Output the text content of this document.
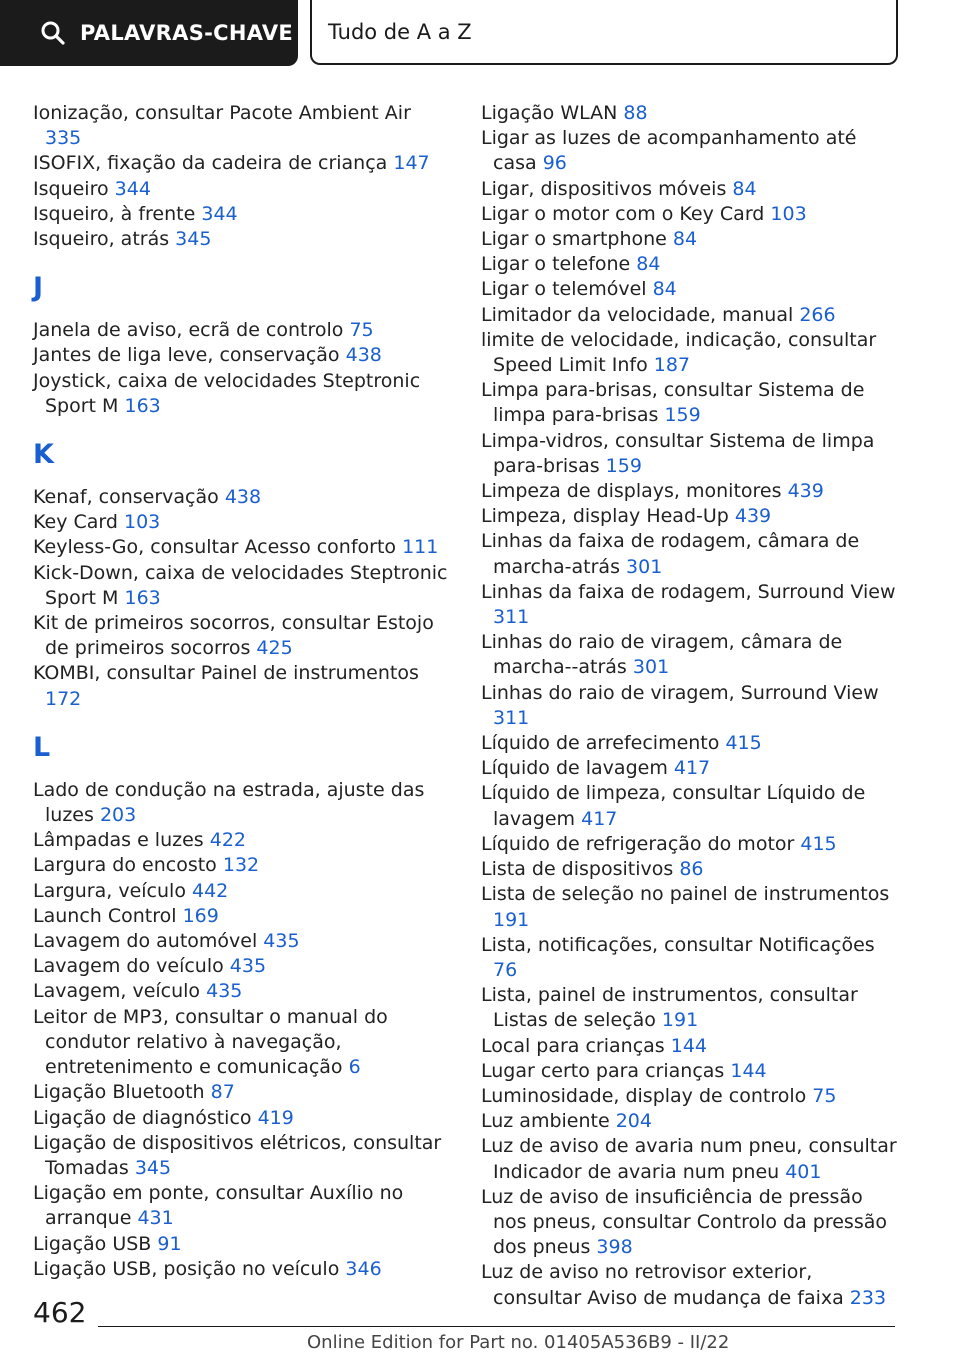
PALAVRAS-CHAVE Tudo de A a Z
Ionização, consultar Pacote Ambient Air 335
ISOFIX, fixação da cadeira de criança 147
Isqueiro 344
Isqueiro, à frente 344
Isqueiro, atrás 345
J
Janela de aviso, ecrã de controlo 75
Jantes de liga leve, conservação 438
Joystick, caixa de velocidades Steptronic Sport M 163
K
Kenaf, conservação 438
Key Card 103
Keyless-Go, consultar Acesso conforto 111
Kick-Down, caixa de velocidades Steptronic Sport M 163
Kit de primeiros socorros, consultar Estojo de primeiros socorros 425
KOMBI, consultar Painel de instrumentos 172
L
Lado de condução na estrada, ajuste das luzes 203
Lâmpadas e luzes 422
Largura do encosto 132
Largura, veículo 442
Launch Control 169
Lavagem do automóvel 435
Lavagem do veículo 435
Lavagem, veículo 435
Leitor de MP3, consultar o manual do condutor relativo à navegação, entretenimento e comunicação 6
Ligação Bluetooth 87
Ligação de diagnóstico 419
Ligação de dispositivos elétricos, consultar Tomadas 345
Ligação em ponte, consultar Auxílio no arranque 431
Ligação USB 91
Ligação USB, posição no veículo 346
Ligação WLAN 88
Ligar as luzes de acompanhamento até casa 96
Ligar, dispositivos móveis 84
Ligar o motor com o Key Card 103
Ligar o smartphone 84
Ligar o telefone 84
Ligar o telemóvel 84
Limitador da velocidade, manual 266
limite de velocidade, indicação, consultar Speed Limit Info 187
Limpa para-brisas, consultar Sistema de limpa para-brisas 159
Limpa-vidros, consultar Sistema de limpa para-brisas 159
Limpeza de displays, monitores 439
Limpeza, display Head-Up 439
Linhas da faixa de rodagem, câmara de marcha-atrás 301
Linhas da faixa de rodagem, Surround View 311
Linhas do raio de viragem, câmara de marcha--atrás 301
Linhas do raio de viragem, Surround View 311
Líquido de arrefecimento 415
Líquido de lavagem 417
Líquido de limpeza, consultar Líquido de lavagem 417
Líquido de refrigeração do motor 415
Lista de dispositivos 86
Lista de seleção no painel de instrumentos 191
Lista, notificações, consultar Notificações 76
Lista, painel de instrumentos, consultar Listas de seleção 191
Local para crianças 144
Lugar certo para crianças 144
Luminosidade, display de controlo 75
Luz ambiente 204
Luz de aviso de avaria num pneu, consultar Indicador de avaria num pneu 401
Luz de aviso de insuficiência de pressão nos pneus, consultar Controlo da pressão dos pneus 398
Luz de aviso no retrovisor exterior, consultar Aviso de mudança de faixa 233
462
Online Edition for Part no. 01405A536B9 - II/22
